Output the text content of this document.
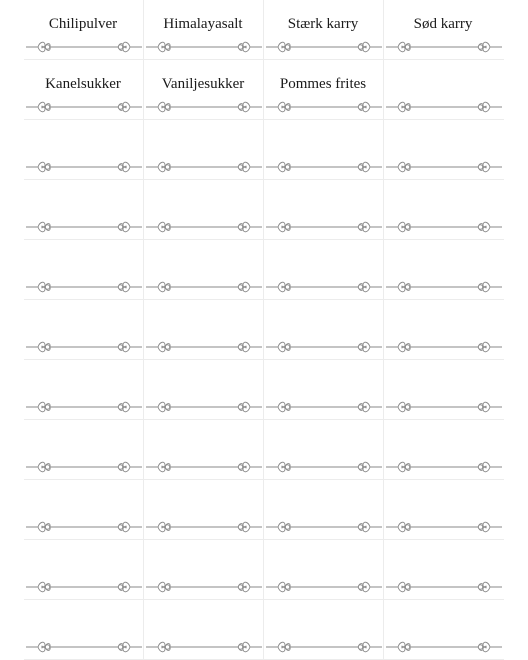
Chilipulver	Himalayasalt	Stærk karry	Sød karry
Kanelsukker	Vaniljesukker	Pommes frites
